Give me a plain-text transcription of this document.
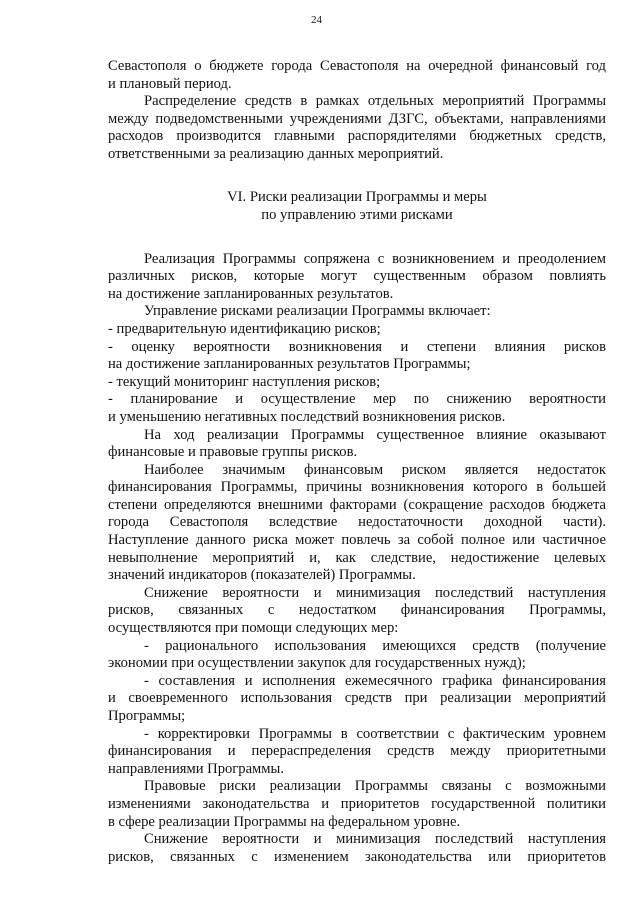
24

Севастополя о бюджете города Севастополя на очередной финансовый год

и плановый период.

Распределение средств в рамках отдельных мероприятий Программы

между подведомственными учреждениями ДЗГС, объектами, направлениями

расходов производится главными распорядителями бюджетных средств,

ответственными за реализацию данных мероприятий.

VI. Риски реализации Программы и меры
по управлению этими рисками

Реализация Программы сопряжена с возникновением и преодолением

различных рисков, которые могут существенным образом повлиять

на достижение запланированных результатов.

Управление рисками реализации Программы включает:

- предварительную идентификацию рисков;

- оценку вероятности возникновения и степени влияния рисков

на достижение запланированных результатов Программы;

- текущий мониторинг наступления рисков;

- планирование и осуществление мер по снижению вероятности

и уменьшению негативных последствий возникновения рисков.

На ход реализации Программы существенное влияние оказывают

финансовые и правовые группы рисков.

Наиболее значимым финансовым риском является недостаток

финансирования Программы, причины возникновения которого в большей

степени определяются внешними факторами (сокращение расходов бюджета

города Севастополя вследствие недостаточности доходной части).

Наступление данного риска может повлечь за собой полное или частичное

невыполнение мероприятий и, как следствие, недостижение целевых

значений индикаторов (показателей) Программы.

Снижение вероятности и минимизация последствий наступления

рисков, связанных с недостатком финансирования Программы,

осуществляются при помощи следующих мер:

- рационального использования имеющихся средств (получение

экономии при осуществлении закупок для государственных нужд);

- составления и исполнения ежемесячного графика финансирования

и своевременного использования средств при реализации мероприятий

Программы;

- корректировки Программы в соответствии с фактическим уровнем

финансирования и перераспределения средств между приоритетными

направлениями Программы.

Правовые риски реализации Программы связаны с возможными

изменениями законодательства и приоритетов государственной политики

в сфере реализации Программы на федеральном уровне.

Снижение вероятности и минимизация последствий наступления

рисков, связанных с изменением законодательства или приоритетов
